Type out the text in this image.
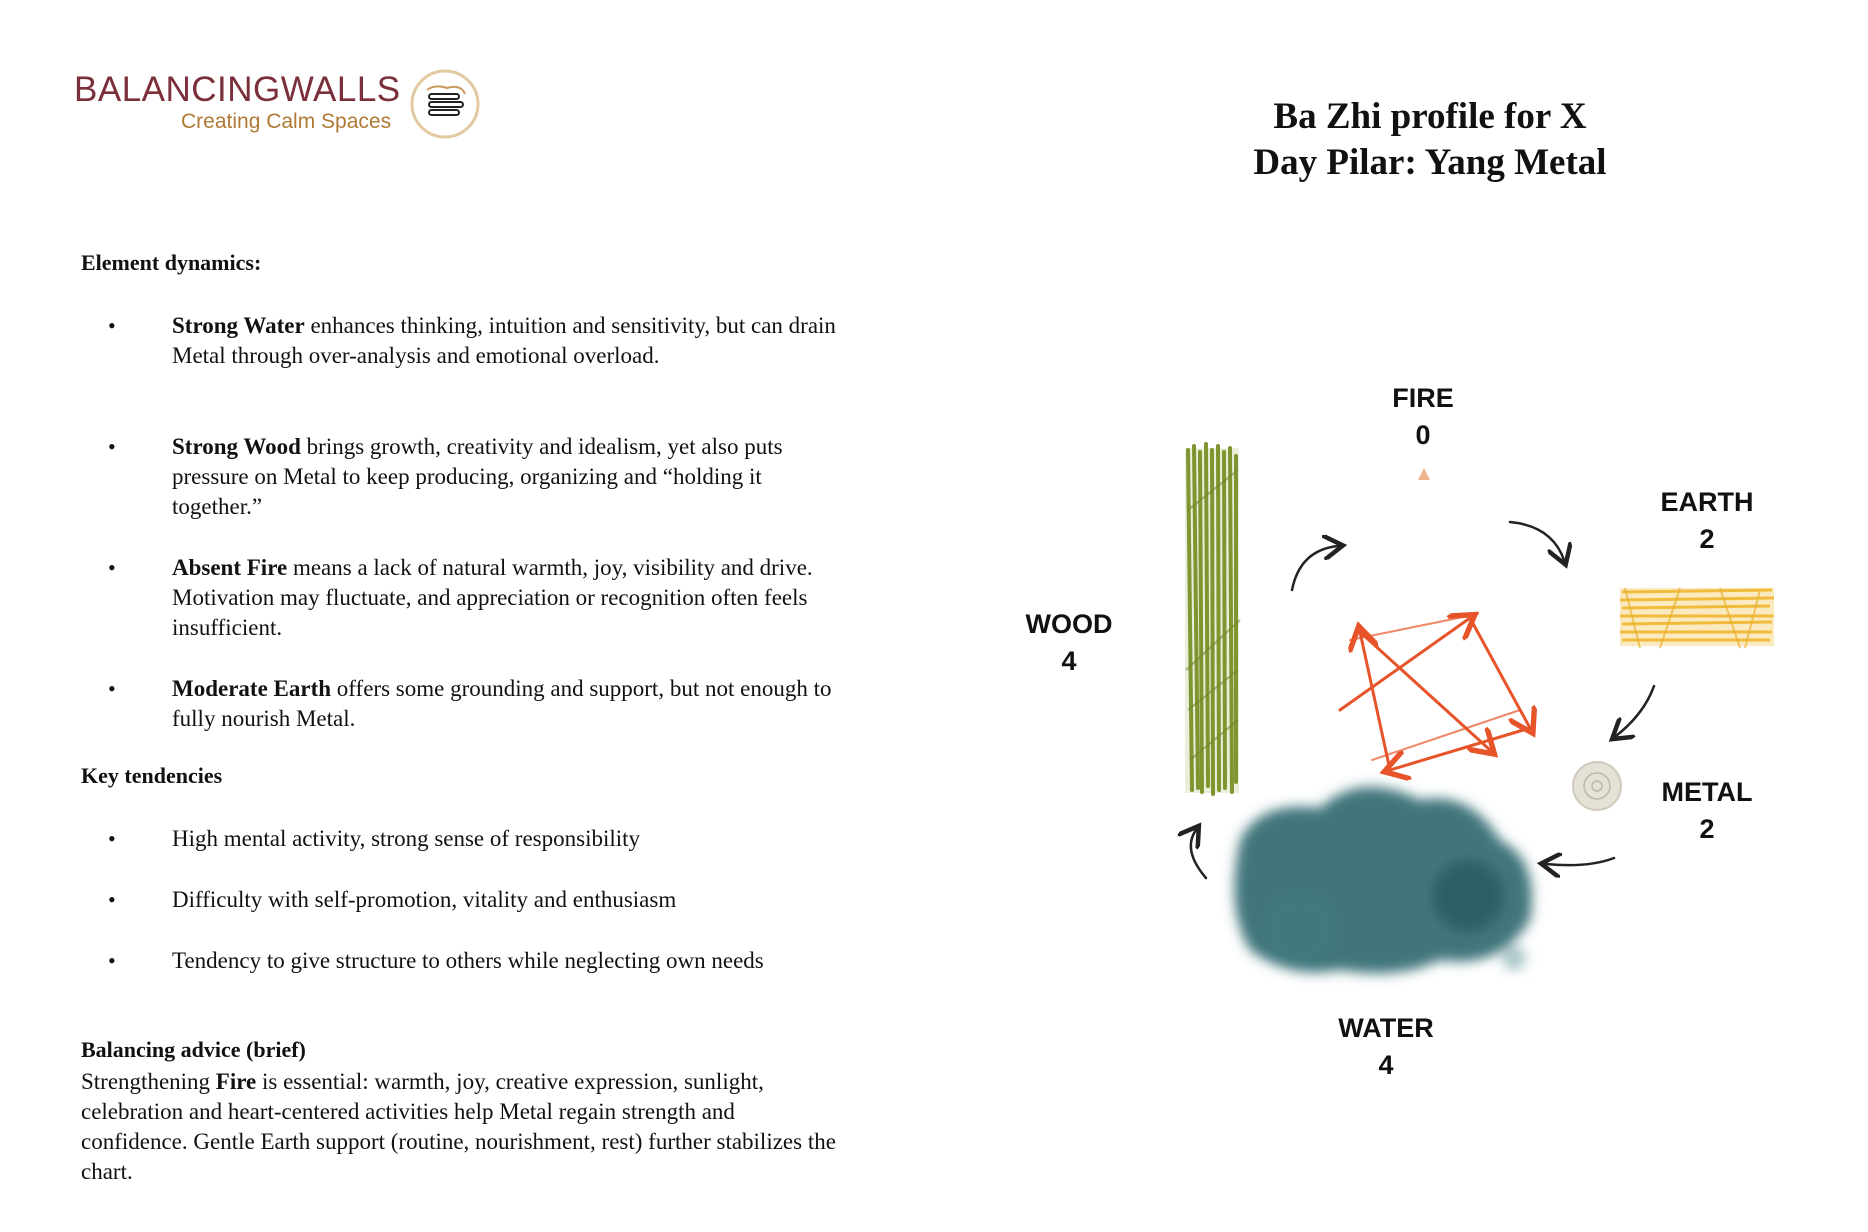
BALANCINGWALLS
Creating Calm Spaces	Ba Zhi profile for X
Day Pilar: Yang Metal
Element dynamics:
• Strong Water enhances thinking, intuition and sensitivity, but can drain Metal through over-analysis and emotional overload.
• Strong Wood brings growth, creativity and idealism, yet also puts pressure on Metal to keep producing, organizing and “holding it together.”
• Absent Fire means a lack of natural warmth, joy, visibility and drive. Motivation may fluctuate, and appreciation or recognition often feels insufficient.
• Moderate Earth offers some grounding and support, but not enough to fully nourish Metal.
Key tendencies
• High mental activity, strong sense of responsibility
• Difficulty with self-promotion, vitality and enthusiasm
• Tendency to give structure to others while neglecting own needs
Balancing advice (brief)
Strengthening Fire is essential: warmth, joy, creative expression, sunlight, celebration and heart-centered activities help Metal regain strength and confidence. Gentle Earth support (routine, nourishment, rest) further stabilizes the chart.
FIRE
0
EARTH
2
METAL
2
WATER
4
WOOD
4
